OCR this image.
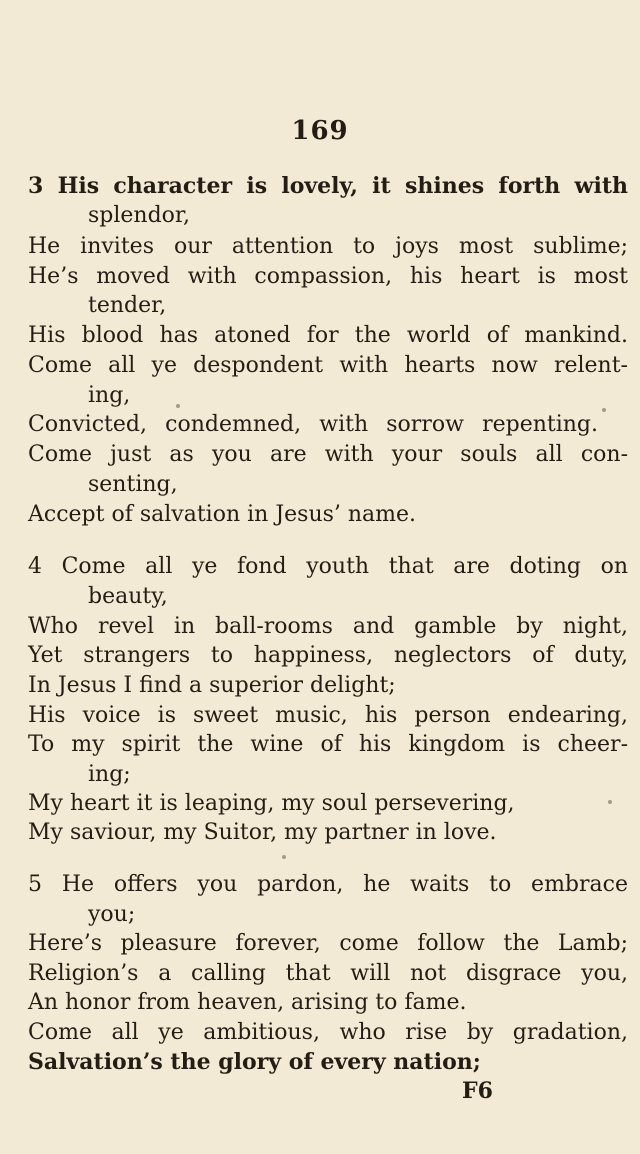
169
3 His character is lovely, it shines forth with
splendor,
He invites our attention to joys most sublime;
He’s moved with compassion, his heart is most
tender,
His blood has atoned for the world of mankind.
Come all ye despondent with hearts now relent-
ing,
Convicted, condemned, with sorrow repenting.
Come just as you are with your souls all con-
senting,
Accept of salvation in Jesus’ name.
4 Come all ye fond youth that are doting on
beauty,
Who revel in ball-rooms and gamble by night,
Yet strangers to happiness, neglectors of duty,
In Jesus I find a superior delight;
His voice is sweet music, his person endearing,
To my spirit the wine of his kingdom is cheer-
ing;
My heart it is leaping, my soul persevering,
My saviour, my Suitor, my partner in love.
5 He offers you pardon, he waits to embrace
you;
Here’s pleasure forever, come follow the Lamb;
Religion’s a calling that will not disgrace you,
An honor from heaven, arising to fame.
Come all ye ambitious, who rise by gradation,
Salvation’s the glory of every nation;
F6
